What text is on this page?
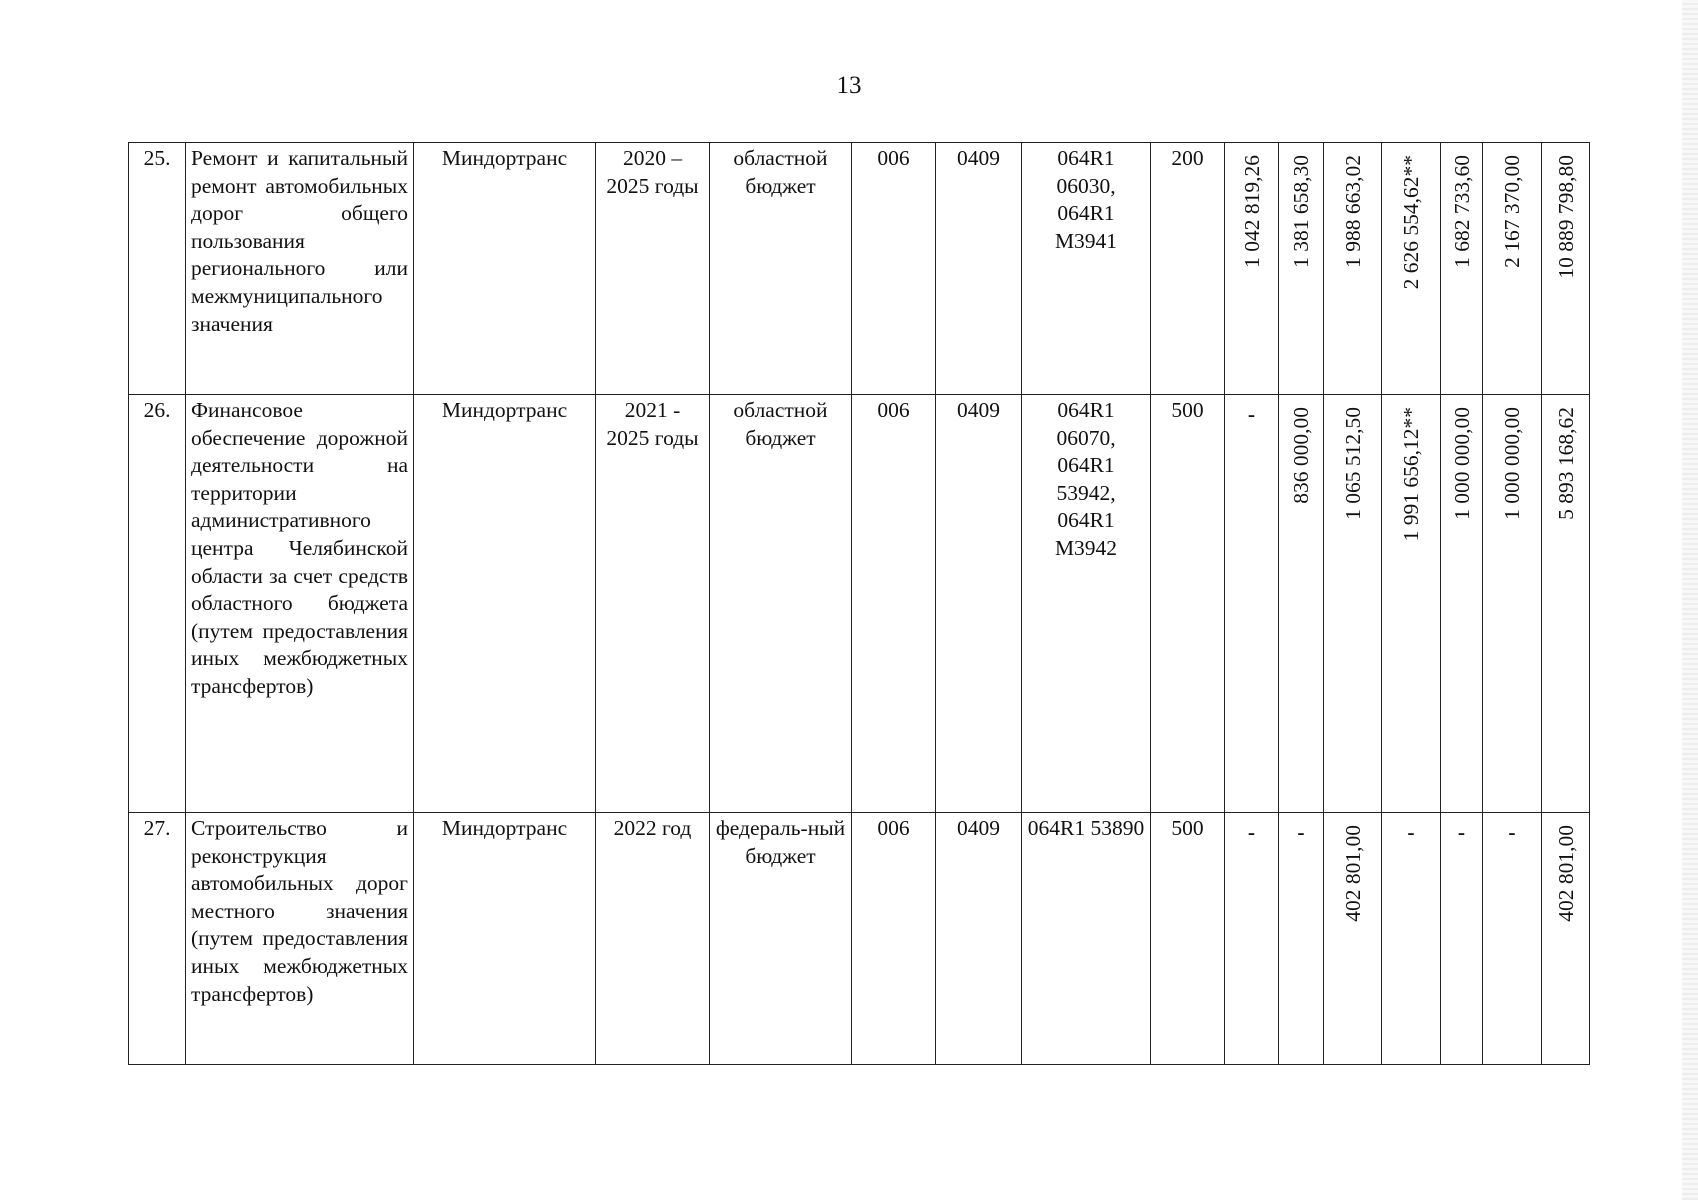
13
25.	Ремонт и капитальный ремонт автомобильных дорог общего пользования регионального или межмуниципального значения	Миндортранс	2020 – 2025 годы	областной бюджет	006	0409	064R1 06030, 064R1 М3941	200	1 042 819,26	1 381 658,30	1 988 663,02	2 626 554,62**	1 682 733,60	2 167 370,00	10 889 798,80
26.	Финансовое обеспечение дорожной деятельности на территории административного центра Челябинской области за счет средств областного бюджета (путем предоставления иных межбюджетных трансфертов)	Миндортранс	2021 - 2025 годы	областной бюджет	006	0409	064R1 06070, 064R1 53942, 064R1 М3942	500	-	836 000,00	1 065 512,50	1 991 656,12**	1 000 000,00	1 000 000,00	5 893 168,62
27.	Строительство и реконструкция автомобильных дорог местного значения (путем предоставления иных межбюджетных трансфертов)	Миндортранс	2022 год	федераль-ный бюджет	006	0409	064R1 53890	500	-	-	402 801,00	-	-	-	402 801,00
